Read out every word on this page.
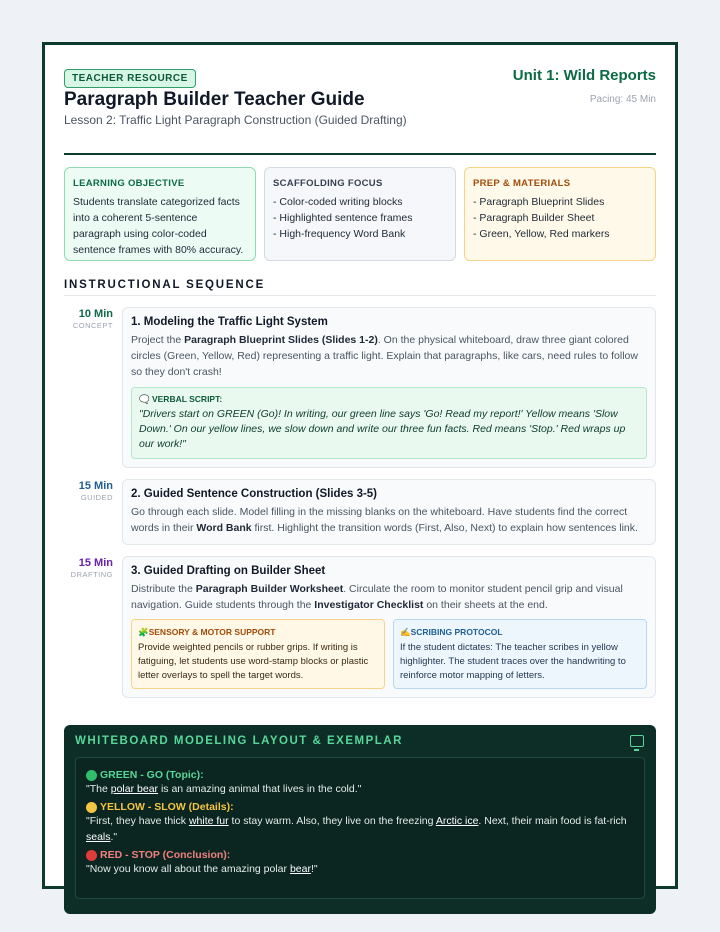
TEACHER RESOURCE	Unit 1: Wild Reports
Pacing: 45 Min
Paragraph Builder Teacher Guide
Lesson 2: Traffic Light Paragraph Construction (Guided Drafting)
LEARNING OBJECTIVE
Students translate categorized facts into a coherent 5-sentence paragraph using color-coded sentence frames with 80% accuracy.
SCAFFOLDING FOCUS
- Color-coded writing blocks
- Highlighted sentence frames
- High-frequency Word Bank
PREP & MATERIALS
- Paragraph Blueprint Slides
- Paragraph Builder Sheet
- Green, Yellow, Red markers
INSTRUCTIONAL SEQUENCE
10 Min
CONCEPT 1. Modeling the Traffic Light System

Project the Paragraph Blueprint Slides (Slides 1-2). On the physical whiteboard, draw three giant colored circles (Green, Yellow, Red) representing a traffic light. Explain that paragraphs, like cars, need rules to follow so they don't crash!

🗨️ VERBAL SCRIPT:
"Drivers start on GREEN (Go)! In writing, our green line says 'Go! Read my report!' Yellow means 'Slow Down.' On our yellow lines, we slow down and write our three fun facts. Red means 'Stop.' Red wraps up our work!"
15 Min
GUIDED 2. Guided Sentence Construction (Slides 3-5)

Go through each slide. Model filling in the missing blanks on the whiteboard. Have students find the correct words in their Word Bank first. Highlight the transition words (First, Also, Next) to explain how sentences link.

15 Min
DRAFTING 3. Guided Drafting on Builder Sheet

Distribute the Paragraph Builder Worksheet. Circulate the room to monitor student pencil grip and visual navigation. Guide students through the Investigator Checklist on their sheets at the end.

🧩SENSORY & MOTOR SUPPORT
Provide weighted pencils or rubber grips. If writing is fatiguing, let students use word-stamp blocks or plastic letter overlays to spell the target words.
✍️SCRIBING PROTOCOL
If the student dictates: The teacher scribes in yellow highlighter. The student traces over the handwriting to reinforce motor mapping of letters.
WHITEBOARD MODELING LAYOUT & EXEMPLAR
GREEN - GO (Topic):
"The polar bear is an amazing animal that lives in the cold."
YELLOW - SLOW (Details):
"First, they have thick white fur to stay warm. Also, they live on the freezing Arctic ice. Next, their main food is fat-rich seals."
RED - STOP (Conclusion):
"Now you know all about the amazing polar bear!"
